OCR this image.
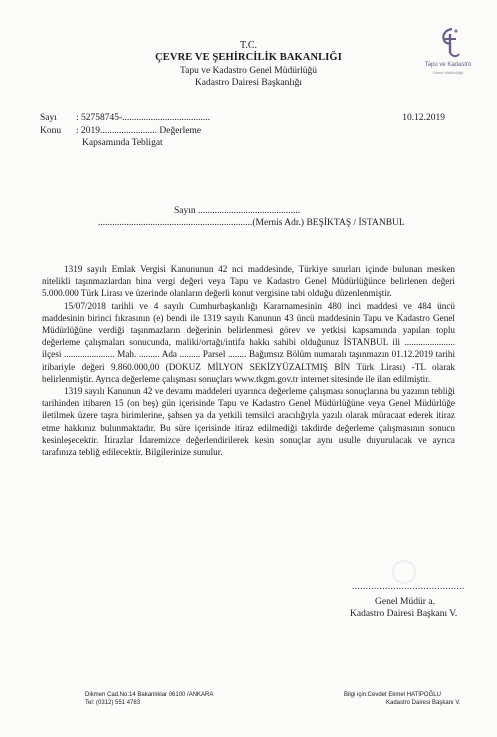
Tapu ve Kadastro
Genel Müdürlüğü
T.C.
ÇEVRE VE ŞEHİRCİLİK BAKANLIĞI
Tapu ve Kadastro Genel Müdürlüğü
Kadastro Dairesi Başkanlığı
Sayı : 52758745-.....................................
Konu : 2019........................ Değerleme
Kapsamında Tebligat
10.12.2019
Sayın ...........................................
.................................................................(Mernis Adr.) BEŞİKTAŞ / İSTANBUL

1319 sayılı Emlak Vergisi Kanununun 42 nci maddesinde, Türkiye sınırları içinde bulunan mesken nitelikli taşınmazlardan bina vergi değeri veya Tapu ve Kadastro Genel Müdürlüğünce belirlenen değeri 5.000.000 Türk Lirası ve üzerinde olanların değerli konut vergisine tabi olduğu düzenlenmiştir.

15/07/2018 tarihli ve 4 sayılı Cumhurbaşkanlığı Kararnamesinin 480 inci maddesi ve 484 üncü maddesinin birinci fıkrasının (e) bendi ile 1319 sayılı Kanunun 43 üncü maddesinin Tapu ve Kadastro Genel Müdürlüğüne verdiği taşınmazların değerinin belirlenmesi görev ve yetkisi kapsamında yapılan toplu değerleme çalışmaları sonucunda, maliki/ortağı/intifa hakkı sahibi olduğunuz İSTANBUL ili ...................... ilçesi ...................... Mah. ......... Ada ......... Parsel ........ Bağımsız Bölüm numaralı taşınmazın 01.12.2019 tarihi itibariyle değeri 9.860.000,00 (DOKUZ MİLYON SEKİZYÜZALTMIŞ BİN Türk Lirası) -TL olarak belirlenmiştir. Ayrıca değerleme çalışması sonuçları www.tkgm.gov.tr internet sitesinde ile ilan edilmiştir.

1319 sayılı Kanunun 42 ve devamı maddeleri uyarınca değerleme çalışması sonuçlarına bu yazının tebliği tarihinden itibaren 15 (on beş) gün içerisinde Tapu ve Kadastro Genel Müdürlüğüne veya Genel Müdürlüğe iletilmek üzere taşra birimlerine, şahsen ya da yetkili temsilci aracılığıyla yazılı olarak müracaat ederek itiraz etme hakkınız bulunmaktadır. Bu süre içerisinde itiraz edilmediği takdirde değerleme çalışmasının sonucu kesinleşecektir. İtirazlar İdaremizce değerlendirilerek kesin sonuçlar aynı usulle duyurulacak ve ayrıca tarafınıza tebliğ edilecektir. Bilgilerinize sunulur.

.........................................
Genel Müdür a.
Kadastro Dairesi Başkanı V.
Dikmen Cad.No:14 Bakanlıklar 06100 /ANKARA
Tel: (0312) 551 4783
Bilgi için:Cevdet Ekmel HATİPOĞLU
Kadastro Dairesi Başkanı V.
